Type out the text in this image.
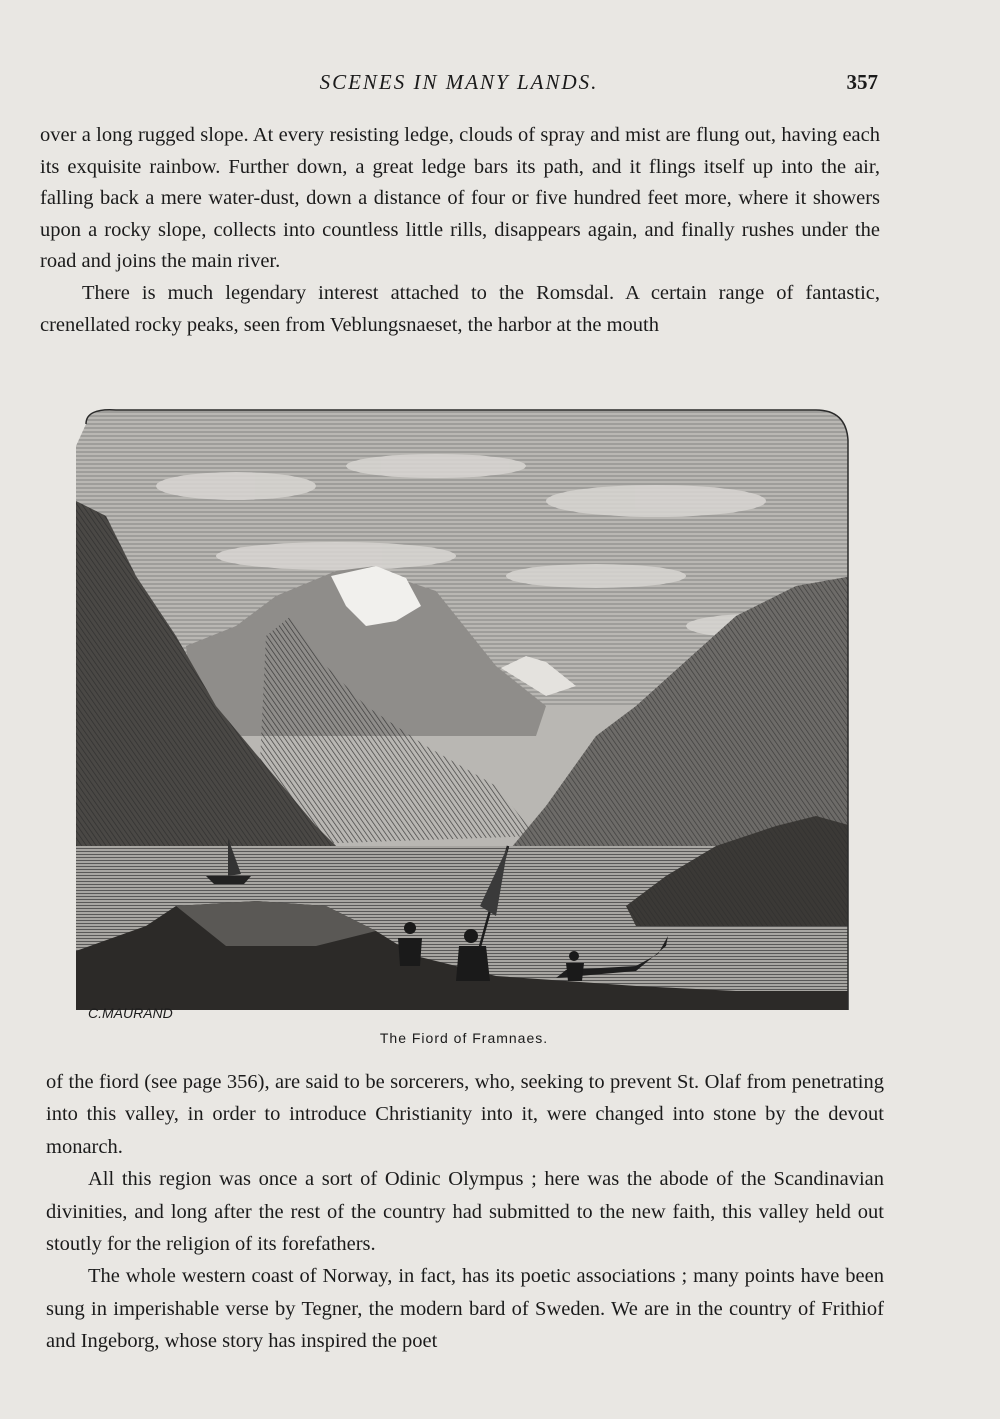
SCENES IN MANY LANDS.	357

over a long rugged slope. At every resisting ledge, clouds of spray and mist are flung out, having each its exquisite rainbow. Further down, a great ledge bars its path, and it flings itself up into the air, falling back a mere water-dust, down a distance of four or five hundred feet more, where it showers upon a rocky slope, collects into countless little rills, disappears again, and finally rushes under the road and joins the main river.

There is much legendary interest attached to the Romsdal. A certain range of fantastic, crenellated rocky peaks, seen from Veblungsnaeset, the harbor at the mouth

C.MAURAND
The Fiord of Framnaes.

of the fiord (see page 356), are said to be sorcerers, who, seeking to prevent St. Olaf from penetrating into this valley, in order to introduce Christianity into it, were changed into stone by the devout monarch.

All this region was once a sort of Odinic Olympus ; here was the abode of the Scandinavian divinities, and long after the rest of the country had submitted to the new faith, this valley held out stoutly for the religion of its forefathers.

The whole western coast of Norway, in fact, has its poetic associations ; many points have been sung in imperishable verse by Tegner, the modern bard of Sweden. We are in the country of Frithiof and Ingeborg, whose story has inspired the poet
